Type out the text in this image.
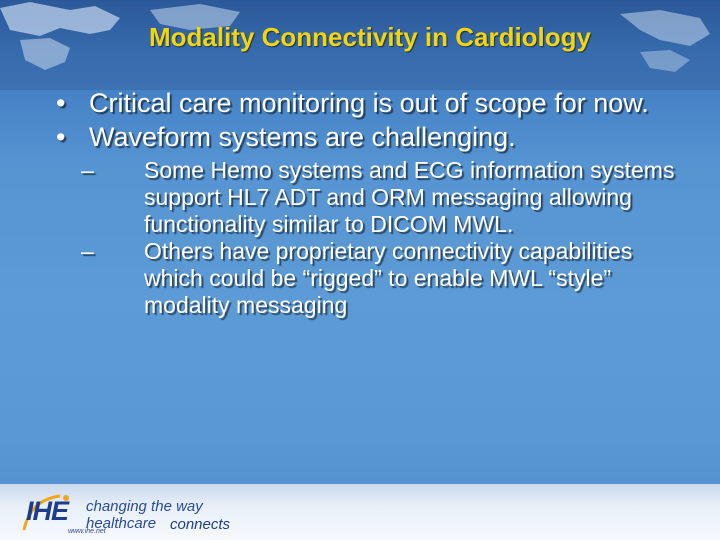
Modality Connectivity in Cardiology
• Critical care monitoring is out of scope for now.
• Waveform systems are challenging.
– Some Hemo systems and ECG information systems support HL7 ADT and ORM messaging allowing functionality similar to DICOM MWL.
– Others have proprietary connectivity capabilities which could be “rigged” to enable MWL “style” modality messaging
IHE changing the way healthcare connects
www.ihe.net
